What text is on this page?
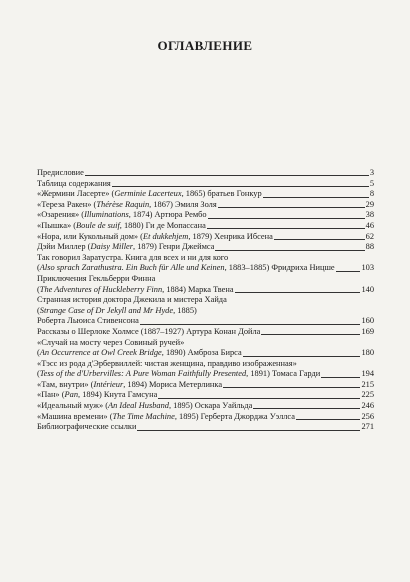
ОГЛАВЛЕНИЕ
Предисловие	3
Таблица содержания	5
«Жермини Ласерте» (Germinie Lacerteux, 1865) братьев Гонкур	8
«Тереза Ракен» (Thérèse Raquin, 1867) Эмиля Золя	29
«Озарения» (Illuminations, 1874) Артюра Рембо	38
«Пышка» (Boule de suif, 1880) Ги де Мопассана	46
«Нора, или Кукольный дом» (Et dukkehjem, 1879) Хенрика Ибсена	62
Дэйи Миллер (Daisy Miller, 1879) Генри Джеймса	88
Так говорил Заратустра. Книга для всех и ни для кого
(Also sprach Zarathustra. Ein Buch für Alle und Keinen, 1883–1885) Фридриха Ницше	103
Приключения Гекльберри Финна
(The Adventures of Huckleberry Finn, 1884) Марка Твена	140
Странная история доктора Джекила и мистера Хайда
(Strange Case of Dr Jekyll and Mr Hyde, 1885)
Роберта Льюиса Стивенсона	160
Рассказы о Шерлоке Холмсе (1887–1927) Артура Конан Дойла	169
«Случай на мосту через Совиный ручей»
(An Occurrence at Owl Creek Bridge, 1890) Амброза Бирса	180
«Тэсс из рода д'Эрбервиллей: чистая женщина, правдиво изображенная»
(Tess of the d'Urbervilles: A Pure Woman Faithfully Presented, 1891) Томаса Гарди	194
«Там, внутри» (Intérieur, 1894) Мориса Метерлинка	215
«Пан» (Pan, 1894) Кнута Гамсуна	225
«Идеальный муж» (An Ideal Husband, 1895) Оскара Уайльда	246
«Машина времени» (The Time Machine, 1895) Герберта Джорджа Уэллса	256
Библиографические ссылки	271
